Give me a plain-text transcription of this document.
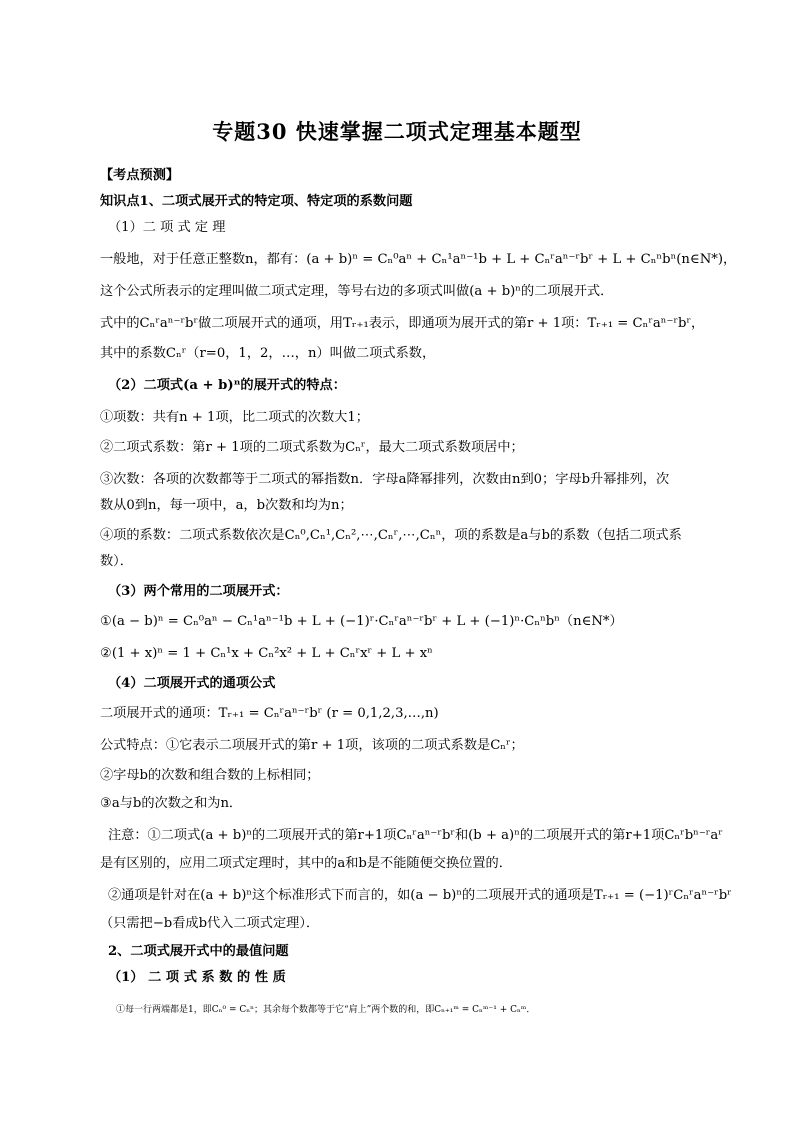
专题30 快速掌握二项式定理基本题型
【考点预测】
知识点1、二项式展开式的特定项、特定项的系数问题
（1）二 项 式 定 理
一般地，对于任意正整数n，都有：(a + b)ⁿ = Cₙ⁰aⁿ + Cₙ¹aⁿ⁻¹b + L + Cₙʳaⁿ⁻ʳbʳ + L + Cₙⁿbⁿ(n∈N*)，
这个公式所表示的定理叫做二项式定理，等号右边的多项式叫做(a + b)ⁿ的二项展开式．
式中的Cₙʳaⁿ⁻ʳbʳ做二项展开式的通项，用Tᵣ₊₁表示，即通项为展开式的第r + 1项：Tᵣ₊₁ = Cₙʳaⁿ⁻ʳbʳ，
其中的系数Cₙʳ（r=0，1，2，…，n）叫做二项式系数，
（2）二项式(a + b)ⁿ的展开式的特点：
①项数：共有n + 1项，比二项式的次数大1；
②二项式系数：第r + 1项的二项式系数为Cₙʳ，最大二项式系数项居中；
③次数：各项的次数都等于二项式的幂指数n．字母a降幂排列，次数由n到0；字母b升幂排列，次
数从0到n，每一项中，a，b次数和均为n；
④项的系数：二项式系数依次是Cₙ⁰,Cₙ¹,Cₙ²,⋯,Cₙʳ,⋯,Cₙⁿ，项的系数是a与b的系数（包括二项式系
数）．
（3）两个常用的二项展开式：
①(a − b)ⁿ = Cₙ⁰aⁿ − Cₙ¹aⁿ⁻¹b + L + (−1)ʳ·Cₙʳaⁿ⁻ʳbʳ + L + (−1)ⁿ·Cₙⁿbⁿ（n∈N*）
②(1 + x)ⁿ = 1 + Cₙ¹x + Cₙ²x² + L + Cₙʳxʳ + L + xⁿ
（4）二项展开式的通项公式
二项展开式的通项：Tᵣ₊₁ = Cₙʳaⁿ⁻ʳbʳ (r = 0,1,2,3,…,n)
公式特点：①它表示二项展开式的第r + 1项，该项的二项式系数是Cₙʳ；
②字母b的次数和组合数的上标相同；
③a与b的次数之和为n．
注意：①二项式(a + b)ⁿ的二项展开式的第r+1项Cₙʳaⁿ⁻ʳbʳ和(b + a)ⁿ的二项展开式的第r+1项Cₙʳbⁿ⁻ʳaʳ
是有区别的，应用二项式定理时，其中的a和b是不能随便交换位置的．
②通项是针对在(a + b)ⁿ这个标准形式下而言的，如(a − b)ⁿ的二项展开式的通项是Tᵣ₊₁ = (−1)ʳCₙʳaⁿ⁻ʳbʳ
（只需把−b看成b代入二项式定理）．
2、二项式展开式中的最值问题
（1） 二 项 式 系 数 的 性 质
①每一行两端都是1，即Cₙ⁰ = Cₙⁿ；其余每个数都等于它“肩上”两个数的和，即Cₙ₊₁ᵐ = Cₙᵐ⁻¹ + Cₙᵐ．
